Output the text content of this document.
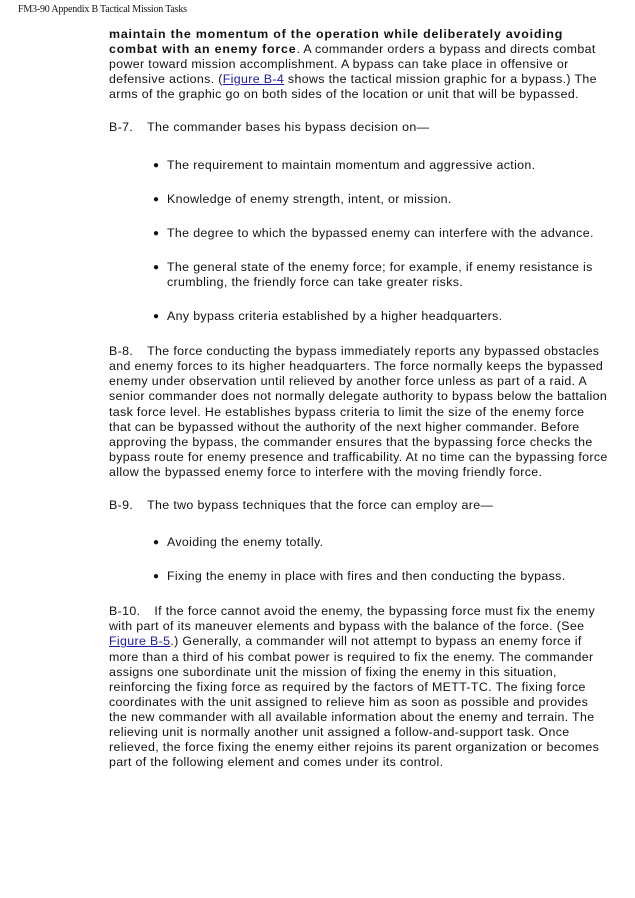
FM3-90 Appendix B Tactical Mission Tasks

maintain the momentum of the operation while deliberately avoiding combat with an enemy force. A commander orders a bypass and directs combat power toward mission accomplishment. A bypass can take place in offensive or defensive actions. (Figure B-4 shows the tactical mission graphic for a bypass.) The arms of the graphic go on both sides of the location or unit that will be bypassed.

B-7. The commander bases his bypass decision on—

● The requirement to maintain momentum and aggressive action.
● Knowledge of enemy strength, intent, or mission.
● The degree to which the bypassed enemy can interfere with the advance.
● The general state of the enemy force; for example, if enemy resistance is crumbling, the friendly force can take greater risks.
● Any bypass criteria established by a higher headquarters.

B-8. The force conducting the bypass immediately reports any bypassed obstacles and enemy forces to its higher headquarters. The force normally keeps the bypassed enemy under observation until relieved by another force unless as part of a raid. A senior commander does not normally delegate authority to bypass below the battalion task force level. He establishes bypass criteria to limit the size of the enemy force that can be bypassed without the authority of the next higher commander. Before approving the bypass, the commander ensures that the bypassing force checks the bypass route for enemy presence and trafficability. At no time can the bypassing force allow the bypassed enemy force to interfere with the moving friendly force.

B-9. The two bypass techniques that the force can employ are—

● Avoiding the enemy totally.
● Fixing the enemy in place with fires and then conducting the bypass.

B-10. If the force cannot avoid the enemy, the bypassing force must fix the enemy with part of its maneuver elements and bypass with the balance of the force. (See Figure B-5.) Generally, a commander will not attempt to bypass an enemy force if more than a third of his combat power is required to fix the enemy. The commander assigns one subordinate unit the mission of fixing the enemy in this situation, reinforcing the fixing force as required by the factors of METT-TC. The fixing force coordinates with the unit assigned to relieve him as soon as possible and provides the new commander with all available information about the enemy and terrain. The relieving unit is normally another unit assigned a follow-and-support task. Once relieved, the force fixing the enemy either rejoins its parent organization or becomes part of the following element and comes under its control.
